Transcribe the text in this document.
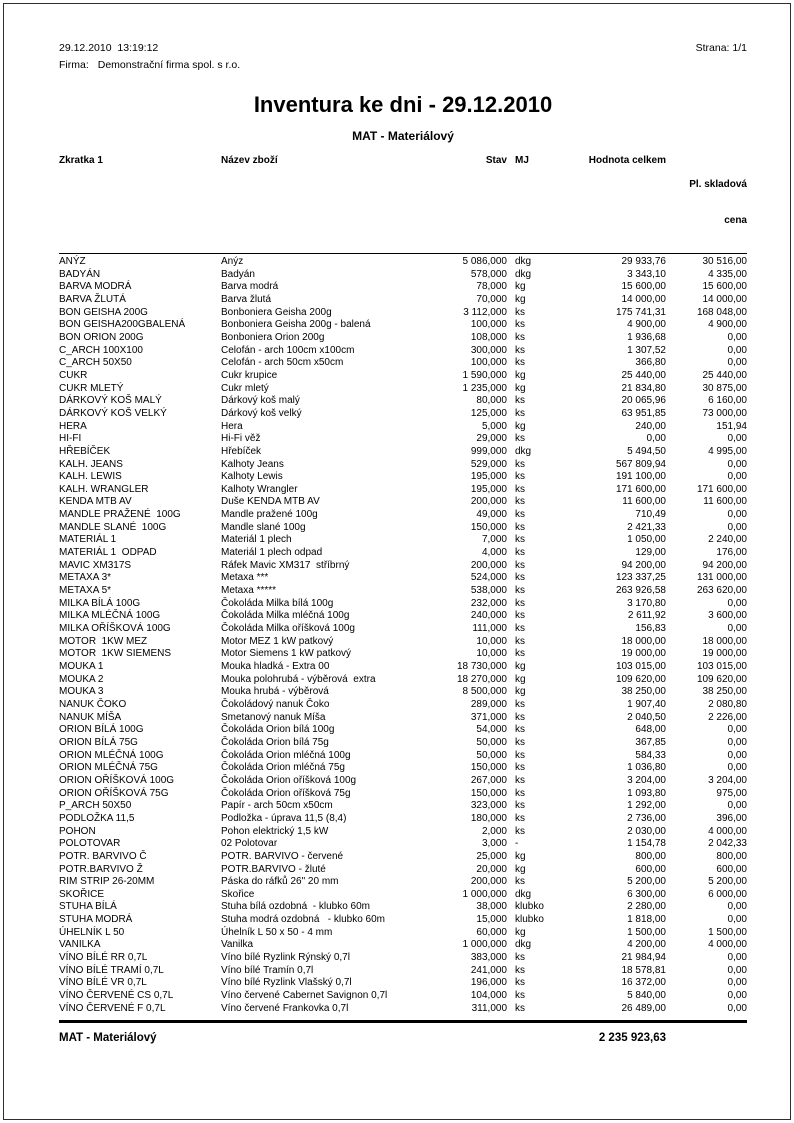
29.12.2010  13:19:12	Strana: 1/1
Firma: Demonstrační firma spol. s r.o.
Inventura ke dni - 29.12.2010
MAT - Materiálový
Zkratka 1	Název zboží	Stav	MJ	Hodnota celkem	Pl. skladová

cena

ANÝZ	Anýz	5 086,000	dkg	29 933,76	30 516,00
BADYÁN	Badyán	578,000	dkg	3 343,10	4 335,00
BARVA MODRÁ	Barva modrá	78,000	kg	15 600,00	15 600,00
BARVA ŽLUTÁ	Barva žlutá	70,000	kg	14 000,00	14 000,00
BON GEISHA 200G	Bonboniera Geisha 200g	3 112,000	ks	175 741,31	168 048,00
BON GEISHA200GBALENÁ	Bonboniera Geisha 200g - balená	100,000	ks	4 900,00	4 900,00
BON ORION 200G	Bonboniera Orion 200g	108,000	ks	1 936,68	0,00
C_ARCH 100X100	Celofán - arch 100cm x100cm	300,000	ks	1 307,52	0,00
C_ARCH 50X50	Celofán - arch 50cm x50cm	100,000	ks	366,80	0,00
CUKR	Cukr krupice	1 590,000	kg	25 440,00	25 440,00
CUKR MLETÝ	Cukr mletý	1 235,000	kg	21 834,80	30 875,00
DÁRKOVÝ KOŠ MALÝ	Dárkový koš malý	80,000	ks	20 065,96	6 160,00
DÁRKOVÝ KOŠ VELKÝ	Dárkový koš velký	125,000	ks	63 951,85	73 000,00
HERA	Hera	5,000	kg	240,00	151,94
HI-FI	Hi-Fi věž	29,000	ks	0,00	0,00
HŘEBÍČEK	Hřebíček	999,000	dkg	5 494,50	4 995,00
KALH. JEANS	Kalhoty Jeans	529,000	ks	567 809,94	0,00
KALH. LEWIS	Kalhoty Lewis	195,000	ks	191 100,00	0,00
KALH. WRANGLER	Kalhoty Wrangler	195,000	ks	171 600,00	171 600,00
KENDA MTB AV	Duše KENDA MTB AV	200,000	ks	11 600,00	11 600,00
MANDLE PRAŽENÉ  100G	Mandle pražené 100g	49,000	ks	710,49	0,00
MANDLE SLANÉ  100G	Mandle slané 100g	150,000	ks	2 421,33	0,00
MATERIÁL 1	Materiál 1 plech	7,000	ks	1 050,00	2 240,00
MATERIÁL 1  ODPAD	Materiál 1 plech odpad	4,000	ks	129,00	176,00
MAVIC XM317S	Ráfek Mavic XM317  stříbrný	200,000	ks	94 200,00	94 200,00
METAXA 3*	Metaxa ***	524,000	ks	123 337,25	131 000,00
METAXA 5*	Metaxa *****	538,000	ks	263 926,58	263 620,00
MILKA BÍLÁ 100G	Čokoláda Milka bílá 100g	232,000	ks	3 170,80	0,00
MILKA MLÉČNÁ 100G	Čokoláda Milka mléčná 100g	240,000	ks	2 611,92	3 600,00
MILKA OŘÍŠKOVÁ 100G	Čokoláda Milka oříšková 100g	111,000	ks	156,83	0,00
MOTOR  1KW MEZ	Motor MEZ 1 kW patkový	10,000	ks	18 000,00	18 000,00
MOTOR  1KW SIEMENS	Motor Siemens 1 kW patkový	10,000	ks	19 000,00	19 000,00
MOUKA 1	Mouka hladká - Extra 00	18 730,000	kg	103 015,00	103 015,00
MOUKA 2	Mouka polohrubá - výběrová  extra	18 270,000	kg	109 620,00	109 620,00
MOUKA 3	Mouka hrubá - výběrová	8 500,000	kg	38 250,00	38 250,00
NANUK ČOKO	Čokoládový nanuk Čoko	289,000	ks	1 907,40	2 080,80
NANUK MÍŠA	Smetanový nanuk Míša	371,000	ks	2 040,50	2 226,00
ORION BÍLÁ 100G	Čokoláda Orion bílá 100g	54,000	ks	648,00	0,00
ORION BÍLÁ 75G	Čokoláda Orion bílá 75g	50,000	ks	367,85	0,00
ORION MLÉČNÁ 100G	Čokoláda Orion mléčná 100g	50,000	ks	584,33	0,00
ORION MLÉČNÁ 75G	Čokoláda Orion mléčná 75g	150,000	ks	1 036,80	0,00
ORION OŘÍŠKOVÁ 100G	Čokoláda Orion oříšková 100g	267,000	ks	3 204,00	3 204,00
ORION OŘÍŠKOVÁ 75G	Čokoláda Orion oříšková 75g	150,000	ks	1 093,80	975,00
P_ARCH 50X50	Papír - arch 50cm x50cm	323,000	ks	1 292,00	0,00
PODLOŽKA 11,5	Podložka - úprava 11,5 (8,4)	180,000	ks	2 736,00	396,00
POHON	Pohon elektrický 1,5 kW	2,000	ks	2 030,00	4 000,00
POLOTOVAR	02 Polotovar	3,000	-	1 154,78	2 042,33
POTR. BARVIVO Č	POTR. BARVIVO - červené	25,000	kg	800,00	800,00
POTR.BARVIVO Ž	POTR.BARVIVO - žluté	20,000	kg	600,00	600,00
RIM STRIP 26-20MM	Páska do ráfků 26" 20 mm	200,000	ks	5 200,00	5 200,00
SKOŘICE	Skořice	1 000,000	dkg	6 300,00	6 000,00
STUHA BÍLÁ	Stuha bílá ozdobná  - klubko 60m	38,000	klubko	2 280,00	0,00
STUHA MODRÁ	Stuha modrá ozdobná   - klubko 60m	15,000	klubko	1 818,00	0,00
ÚHELNÍK L 50	Úhelník L 50 x 50 - 4 mm	60,000	kg	1 500,00	1 500,00
VANILKA	Vanilka	1 000,000	dkg	4 200,00	4 000,00
VÍNO BÍLÉ RR 0,7L	Víno bílé Ryzlink Rýnský 0,7l	383,000	ks	21 984,94	0,00
VÍNO BÍLÉ TRAMÍ 0,7L	Víno bílé Tramín 0,7l	241,000	ks	18 578,81	0,00
VÍNO BÍLÉ VR 0,7L	Víno bílé Ryzlink Vlašský 0,7l	196,000	ks	16 372,00	0,00
VÍNO ČERVENÉ CS 0,7L	Víno červené Cabernet Savignon 0,7l	104,000	ks	5 840,00	0,00
VÍNO ČERVENÉ F 0,7L	Víno červené Frankovka 0,7l	311,000	ks	26 489,00	0,00
MAT - Materiálový	2 235 923,63
